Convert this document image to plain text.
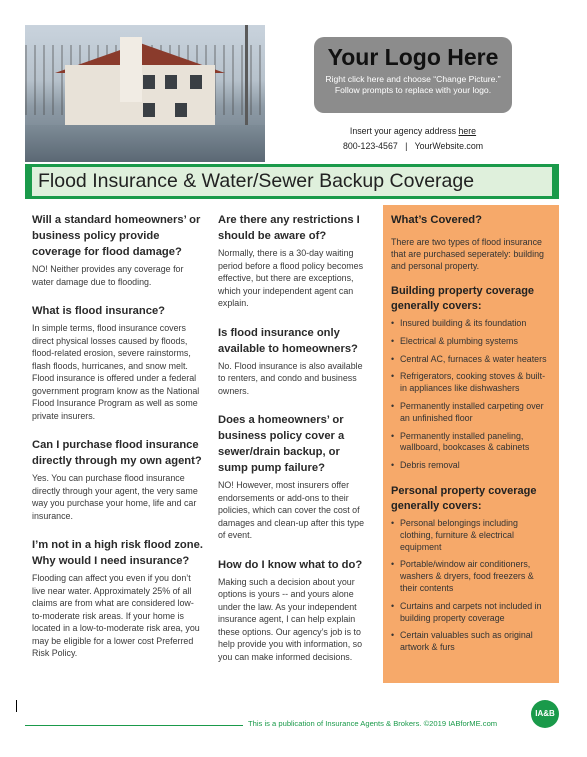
Your Logo Here
Right click here and choose “Change Picture.” Follow prompts to replace with your logo.
Insert your agency address here
800-123-4567 | YourWebsite.com
Flood Insurance & Water/Sewer Backup Coverage
Will a standard homeowners’ or business policy provide coverage for flood damage?
NO! Neither provides any coverage for water damage due to flooding.
What is flood insurance?
In simple terms, flood insurance covers direct physical losses caused by floods, flood-related erosion, severe rainstorms, flash floods, hurricanes, and snow melt. Flood insurance is offered under a federal government program know as the National Flood Insurance Program as well as some private insurers.
Can I purchase flood insurance directly through my own agent?
Yes. You can purchase flood insurance directly through your agent, the very same way you purchase your home, life and car insurance.
I’m not in a high risk flood zone. Why would I need insurance?
Flooding can affect you even if you don’t live near water. Approximately 25% of all claims are from what are considered low-to-moderate risk areas. If your home is located in a low-to-moderate risk area, you may be eligible for a lower cost Preferred Risk Policy.
Are there any restrictions I should be aware of?
Normally, there is a 30-day waiting period before a flood policy becomes effective, but there are exceptions, which your independent agent can explain.
Is flood insurance only available to homeowners?
No. Flood insurance is also available to renters, and condo and business owners.
Does a homeowners’ or business policy cover a sewer/drain backup, or sump pump failure?
NO! However, most insurers offer endorsements or add-ons to their policies, which can cover the cost of damages and clean-up after this type of event.
How do I know what to do?
Making such a decision about your options is yours -- and yours alone under the law. As your independent insurance agent, I can help explain these options. Our agency’s job is to help provide you with information, so you can make informed decisions.
What’s Covered?
There are two types of flood insurance that are purchased seperately: building and personal property.
Building property coverage generally covers:
• Insured building & its foundation
• Electrical & plumbing systems
• Central AC, furnaces & water heaters
• Refrigerators, cooking stoves & built-in appliances like dishwashers
• Permanently installed carpeting over an unfinished floor
• Permanently installed paneling, wallboard, bookcases & cabinets
• Debris removal
Personal property coverage generally covers:
• Personal belongings including clothing, furniture & electrical equipment
• Portable/window air conditioners, washers & dryers, food freezers & their contents
• Curtains and carpets not included in building property coverage
• Certain valuables such as original artwork & furs
This is a publication of Insurance Agents & Brokers. ©2019 IABforME.com
IA&B
